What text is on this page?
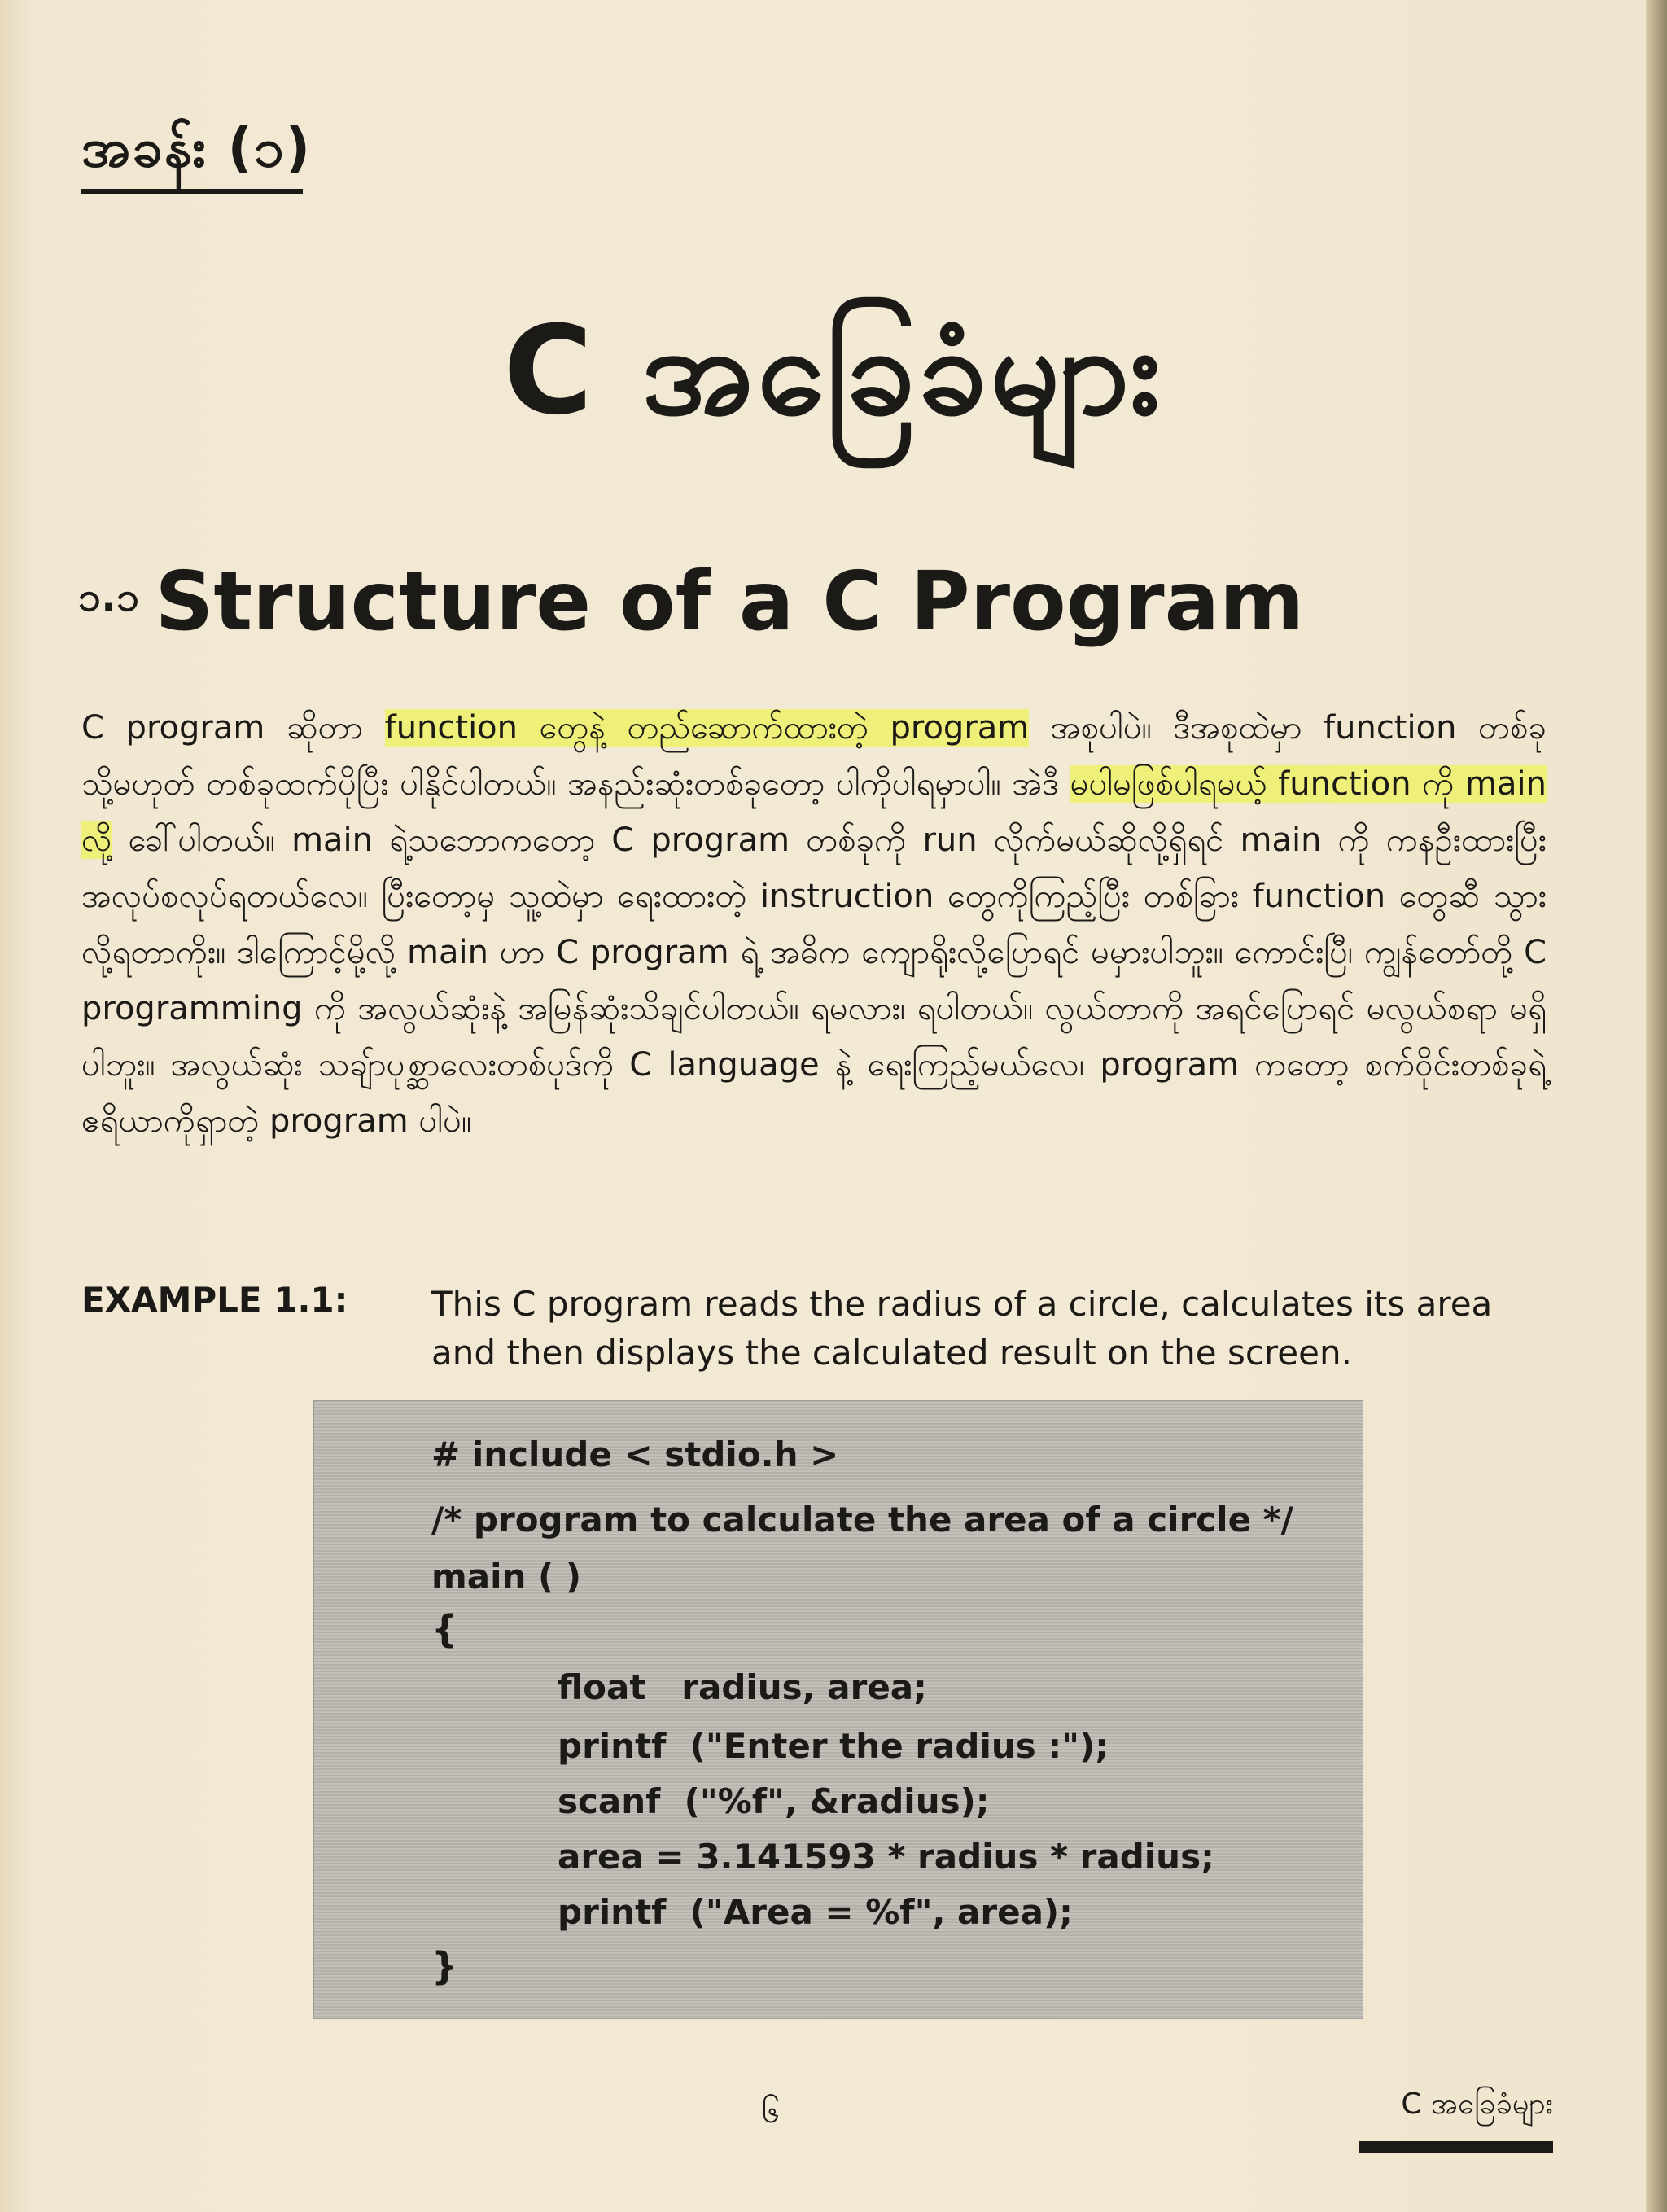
အခန်း (၁)
C အခြေခံများ
၁.၁ Structure of a C Program
C program ဆိုတာ function တွေနဲ့ တည်ဆောက်ထားတဲ့ program အစုပါပဲ။ ဒီအစုထဲမှာ function တစ်ခု သို့မဟုတ် တစ်ခုထက်ပိုပြီး ပါနိုင်ပါတယ်။ အနည်းဆုံးတစ်ခုတော့ ပါကိုပါရမှာပါ။ အဲဒီ မပါမဖြစ်ပါရမယ့် function ကို main လို့ ခေါ်ပါတယ်။ main ရဲ့သဘောကတော့ C program တစ်ခုကို run လိုက်မယ်ဆိုလို့ရှိရင် main ကို ကနဦးထားပြီး အလုပ်စလုပ်ရတယ်လေ။ ပြီးတော့မှ သူ့ထဲမှာ ရေးထားတဲ့ instruction တွေကိုကြည့်ပြီး တစ်ခြား function တွေဆီ သွားလို့ရတာကိုး။ ဒါကြောင့်မို့လို့ main ဟာ C program ရဲ့ အဓိက ကျောရိုးလို့ပြောရင် မမှားပါဘူး။ ကောင်းပြီ၊ ကျွန်တော်တို့ C programming ကို အလွယ်ဆုံးနဲ့ အမြန်ဆုံးသိချင်ပါတယ်။ ရမလား၊ ရပါတယ်။ လွယ်တာကို အရင်ပြောရင် မလွယ်စရာ မရှိပါဘူး။ အလွယ်ဆုံး သချ်ာပုစ္ဆာလေးတစ်ပုဒ်ကို C language နဲ့ ရေးကြည့်မယ်လေ၊ program ကတော့ စက်ဝိုင်းတစ်ခုရဲ့ ဧရိယာကိုရှာတဲ့ program ပါပဲ။
EXAMPLE 1.1: This C program reads the radius of a circle, calculates its area and then displays the calculated result on the screen.
# include < stdio.h >
/* program to calculate the area of a circle */
main ( )
{
float   radius, area;
printf  ("Enter the radius :");
scanf  ("%f", &radius);
area = 3.141593 * radius * radius;
printf  ("Area = %f", area);
}
၆	C အခြေခံများ
